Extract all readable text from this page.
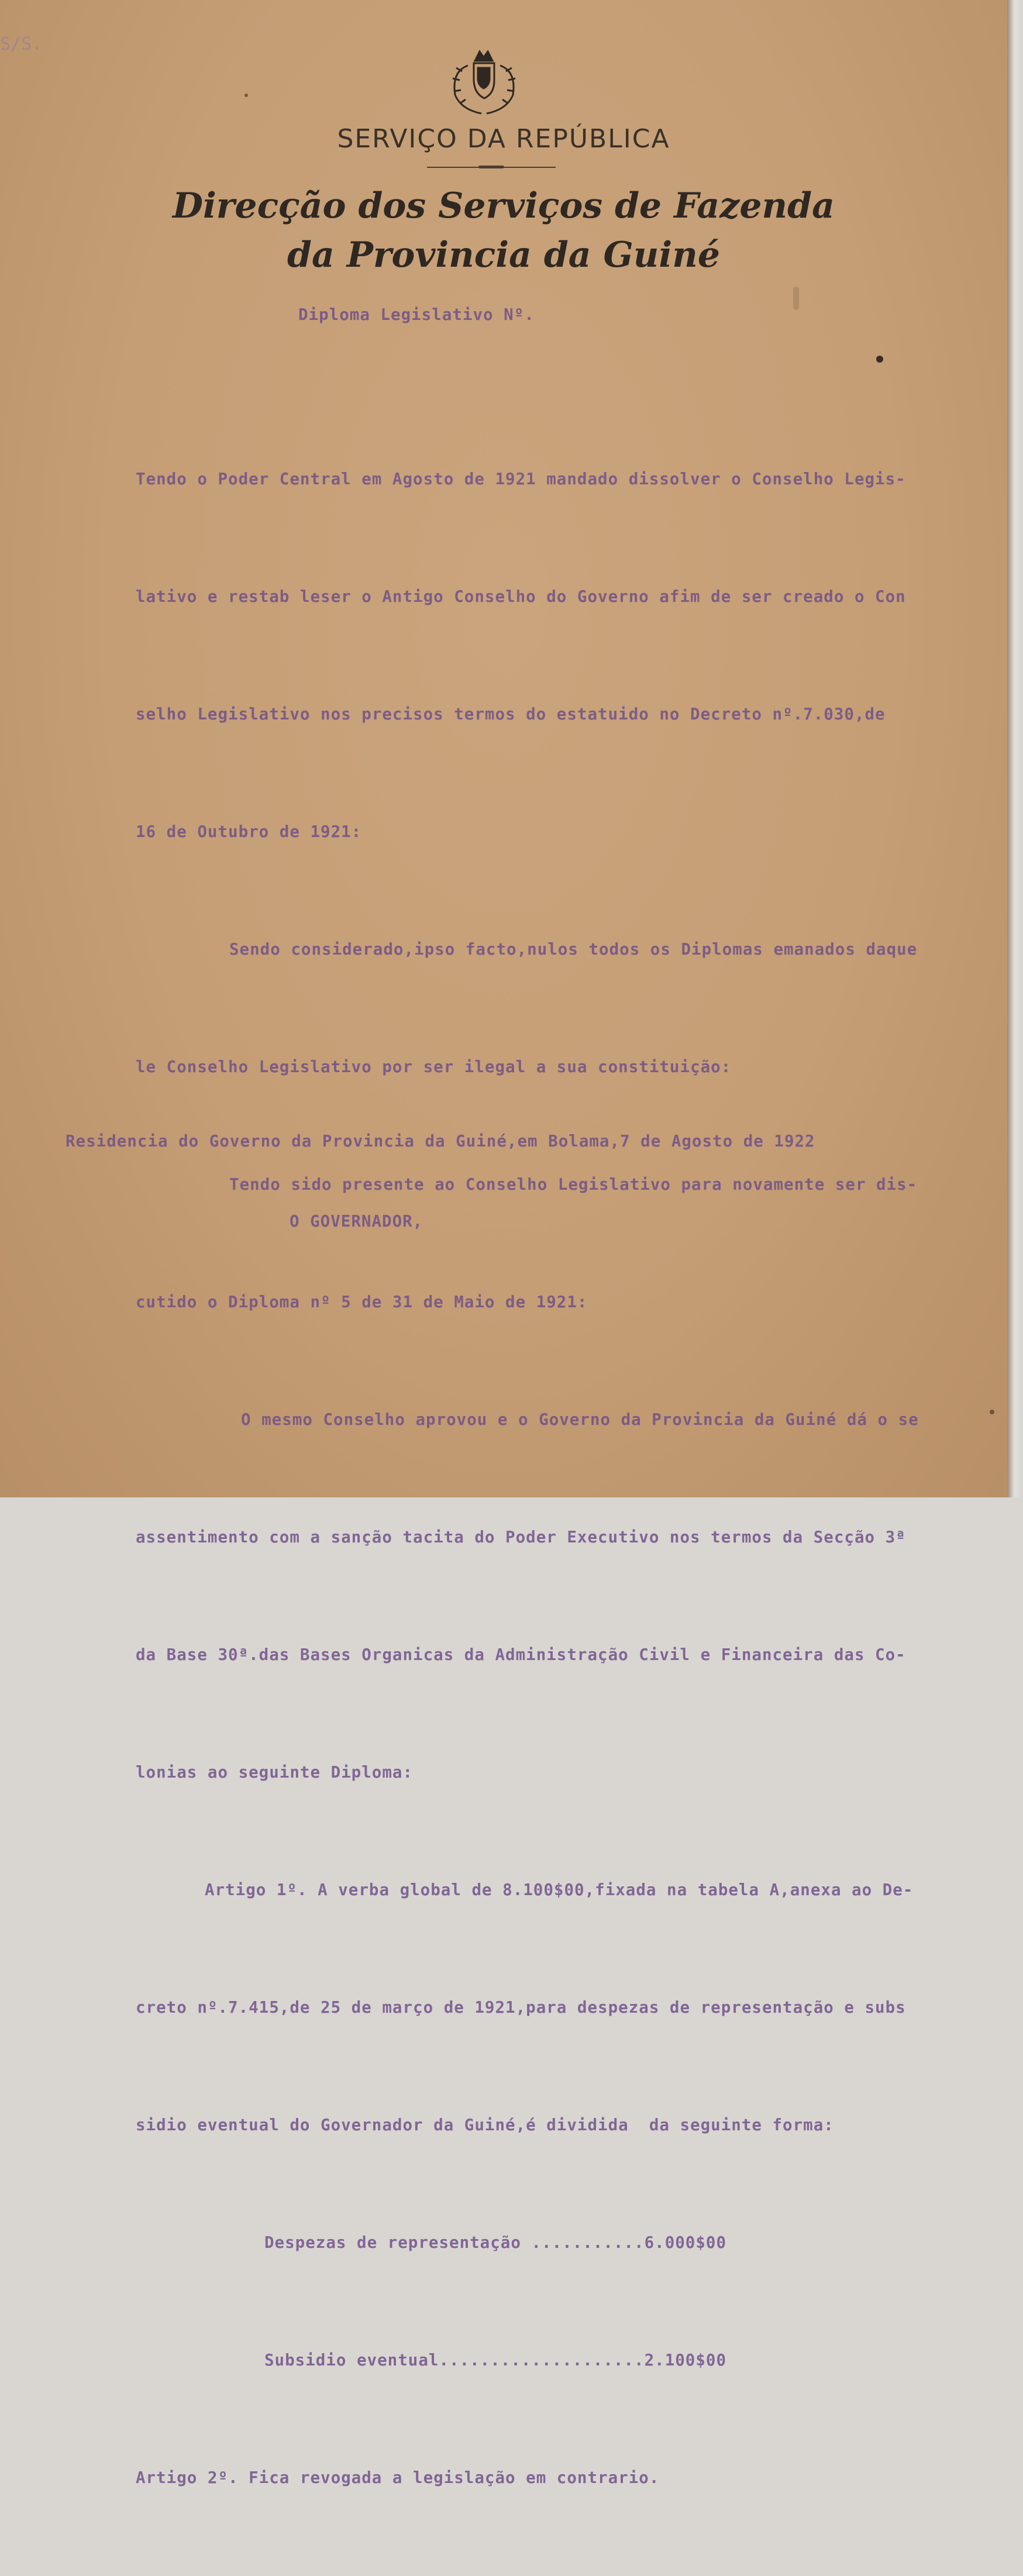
S/S.
SERVIÇO DA REPÚBLICA
Direcção dos Serviços de Fazenda
da Provincia da Guiné
Diploma Legislativo Nº.

Tendo o Poder Central em Agosto de 1921 mandado dissolver o Conselho Legis-

lativo e restab leser o Antigo Conselho do Governo afim de ser creado o Con

selho Legislativo nos precisos termos do estatuido no Decreto nº.7.030,de

16 de Outubro de 1921:

Sendo considerado,ipso facto,nulos todos os Diplomas emanados daque

le Conselho Legislativo por ser ilegal a sua constituição:

Tendo sido presente ao Conselho Legislativo para novamente ser dis-

cutido o Diploma nº 5 de 31 de Maio de 1921:

O mesmo Conselho aprovou e o Governo da Provincia da Guiné dá o se

assentimento com a sanção tacita do Poder Executivo nos termos da Secção 3ª

da Base 30ª.das Bases Organicas da Administração Civil e Financeira das Co-

lonias ao seguinte Diploma:

Artigo 1º. A verba global de 8.100$00,fixada na tabela A,anexa ao De-

creto nº.7.415,de 25 de março de 1921,para despezas de representação e subs

sidio eventual do Governador da Guiné,é dividida  da seguinte forma:

Despezas de representação ...........6.000$00

Subsidio eventual....................2.100$00

Artigo 2º. Fica revogada a legislação em contrario.

Residencia do Governo da Provincia da Guiné,em Bolama,7 de Agosto de 1922
O GOVERNADOR,
